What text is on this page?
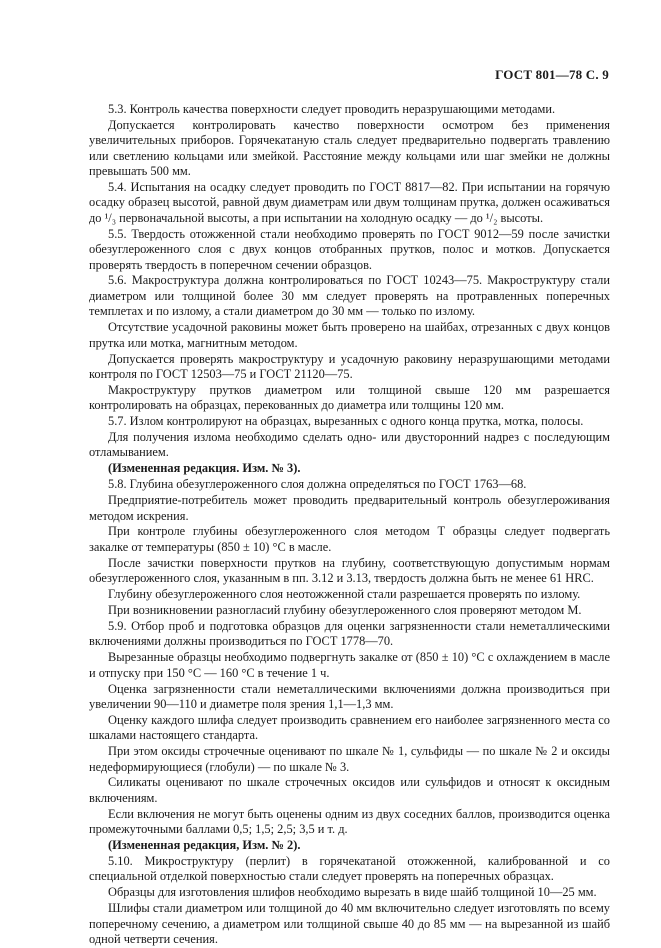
ГОСТ 801—78 С. 9

5.3. Контроль качества поверхности следует проводить неразрушающими методами.

Допускается контролировать качество поверхности осмотром без применения увеличительных приборов. Горячекатаную сталь следует предварительно подвергать травлению или светлению кольцами или змейкой. Расстояние между кольцами или шаг змейки не должны превышать 500 мм.

5.4. Испытания на осадку следует проводить по ГОСТ 8817—82. При испытании на горячую осадку образец высотой, равной двум диаметрам или двум толщинам прутка, должен осаживаться до ¹/₃ первоначальной высоты, а при испытании на холодную осадку — до ¹/₂ высоты.

5.5. Твердость отожженной стали необходимо проверять по ГОСТ 9012—59 после зачистки обезуглероженного слоя с двух концов отобранных прутков, полос и мотков. Допускается проверять твердость в поперечном сечении образцов.

5.6. Макроструктура должна контролироваться по ГОСТ 10243—75. Макроструктуру стали диаметром или толщиной более 30 мм следует проверять на протравленных поперечных темплетах и по излому, а стали диаметром до 30 мм — только по излому.

Отсутствие усадочной раковины может быть проверено на шайбах, отрезанных с двух концов прутка или мотка, магнитным методом.

Допускается проверять макроструктуру и усадочную раковину неразрушающими методами контроля по ГОСТ 12503—75 и ГОСТ 21120—75.

Макроструктуру прутков диаметром или толщиной свыше 120 мм разрешается контролировать на образцах, перекованных до диаметра или толщины 120 мм.

5.7. Излом контролируют на образцах, вырезанных с одного конца прутка, мотка, полосы.

Для получения излома необходимо сделать одно- или двусторонний надрез с последующим отламыванием.

(Измененная редакция. Изм. № 3).

5.8. Глубина обезуглероженного слоя должна определяться по ГОСТ 1763—68.

Предприятие-потребитель может проводить предварительный контроль обезуглероживания методом искрения.

При контроле глубины обезуглероженного слоя методом Т образцы следует подвергать закалке от температуры (850 ± 10) °С в масле.

После зачистки поверхности прутков на глубину, соответствующую допустимым нормам обезуглероженного слоя, указанным в пп. 3.12 и 3.13, твердость должна быть не менее 61 HRC.

Глубину обезуглероженного слоя неотожженной стали разрешается проверять по излому.

При возникновении разногласий глубину обезуглероженного слоя проверяют методом М.

5.9. Отбор проб и подготовка образцов для оценки загрязненности стали неметаллическими включениями должны производиться по ГОСТ 1778—70.

Вырезанные образцы необходимо подвергнуть закалке от (850 ± 10) °С с охлаждением в масле и отпуску при 150 °С — 160 °С в течение 1 ч.

Оценка загрязненности стали неметаллическими включениями должна производиться при увеличении 90—110 и диаметре поля зрения 1,1—1,3 мм.

Оценку каждого шлифа следует производить сравнением его наиболее загрязненного места со шкалами настоящего стандарта.

При этом оксиды строчечные оценивают по шкале № 1, сульфиды — по шкале № 2 и оксиды недеформирующиеся (глобули) — по шкале № 3.

Силикаты оценивают по шкале строчечных оксидов или сульфидов и относят к оксидным включениям.

Если включения не могут быть оценены одним из двух соседних баллов, производится оценка промежуточными баллами 0,5; 1,5; 2,5; 3,5 и т. д.

(Измененная редакция, Изм. № 2).

5.10. Микроструктуру (перлит) в горячекатаной отожженной, калиброванной и со специальной отделкой поверхностью стали следует проверять на поперечных образцах.

Образцы для изготовления шлифов необходимо вырезать в виде шайб толщиной 10—25 мм.

Шлифы стали диаметром или толщиной до 40 мм включительно следует изготовлять по всему поперечному сечению, а диаметром или толщиной свыше 40 до 85 мм — на вырезанной из шайб одной четверти сечения.
